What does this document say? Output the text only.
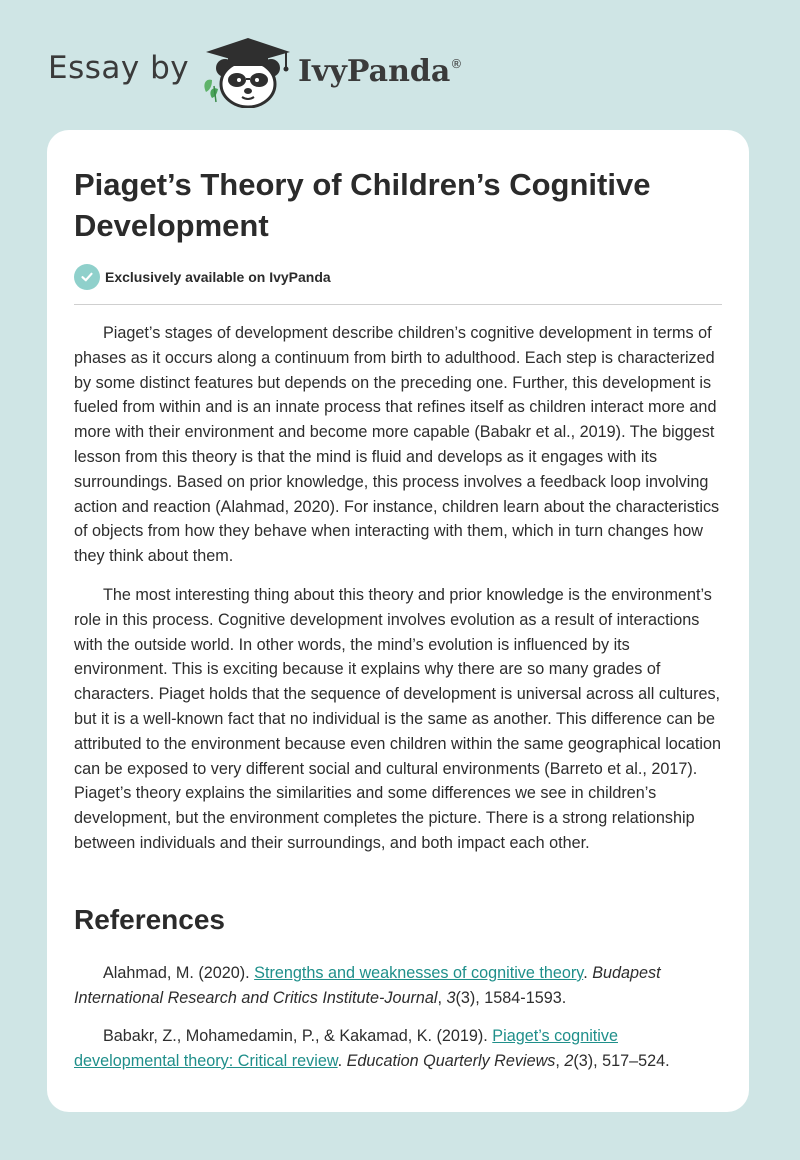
Essay by	IvyPanda®
Piaget’s Theory of Children’s Cognitive Development
Exclusively available on IvyPanda

Piaget’s stages of development describe children’s cognitive development in terms of phases as it occurs along a continuum from birth to adulthood. Each step is characterized by some distinct features but depends on the preceding one. Further, this development is fueled from within and is an innate process that refines itself as children interact more and more with their environment and become more capable (Babakr et al., 2019). The biggest lesson from this theory is that the mind is fluid and develops as it engages with its surroundings. Based on prior knowledge, this process involves a feedback loop involving action and reaction (Alahmad, 2020). For instance, children learn about the characteristics of objects from how they behave when interacting with them, which in turn changes how they think about them.

The most interesting thing about this theory and prior knowledge is the environment’s role in this process. Cognitive development involves evolution as a result of interactions with the outside world. In other words, the mind’s evolution is influenced by its environment. This is exciting because it explains why there are so many grades of characters. Piaget holds that the sequence of development is universal across all cultures, but it is a well-known fact that no individual is the same as another. This difference can be attributed to the environment because even children within the same geographical location can be exposed to very different social and cultural environments (Barreto et al., 2017). Piaget’s theory explains the similarities and some differences we see in children’s development, but the environment completes the picture. There is a strong relationship between individuals and their surroundings, and both impact each other.

References

Alahmad, M. (2020). Strengths and weaknesses of cognitive theory. Budapest International Research and Critics Institute-Journal, 3(3), 1584-1593.

Babakr, Z., Mohamedamin, P., & Kakamad, K. (2019). Piaget’s cognitive developmental theory: Critical review. Education Quarterly Reviews, 2(3), 517–524.
